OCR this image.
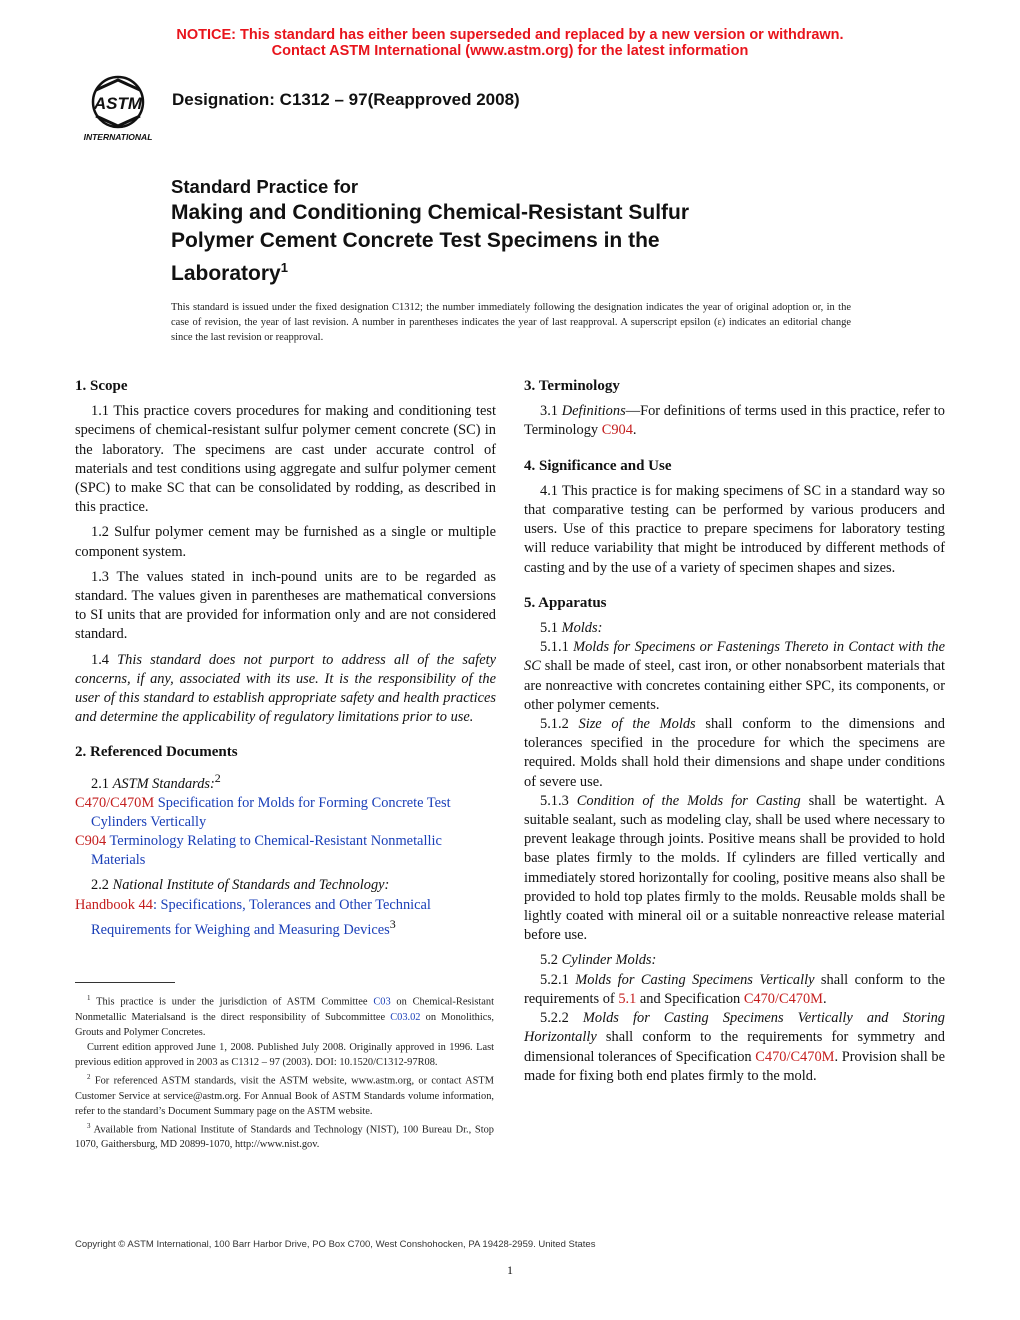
NOTICE: This standard has either been superseded and replaced by a new version or withdrawn.
Contact ASTM International (www.astm.org) for the latest information
ASTM
INTERNATIONAL
Designation: C1312 – 97(Reapproved 2008)
Standard Practice for
Making and Conditioning Chemical-Resistant Sulfur
Polymer Cement Concrete Test Specimens in the
Laboratory$^1$
This standard is issued under the fixed designation C1312; the number immediately following the designation indicates the year of original adoption or, in the case of revision, the year of last revision. A number in parentheses indicates the year of last reapproval. A superscript epsilon (ε) indicates an editorial change since the last revision or reapproval.
1. Scope

1.1 This practice covers procedures for making and conditioning test specimens of chemical-resistant sulfur polymer cement concrete (SC) in the laboratory. The specimens are cast under accurate control of materials and test conditions using aggregate and sulfur polymer cement (SPC) to make SC that can be consolidated by rodding, as described in this practice.

1.2 Sulfur polymer cement may be furnished as a single or multiple component system.

1.3 The values stated in inch-pound units are to be regarded as standard. The values given in parentheses are mathematical conversions to SI units that are provided for information only and are not considered standard.

1.4 This standard does not purport to address all of the safety concerns, if any, associated with its use. It is the responsibility of the user of this standard to establish appropriate safety and health practices and determine the applicability of regulatory limitations prior to use.

2. Referenced Documents

2.1 ASTM Standards:$^2$

C470/C470M Specification for Molds for Forming Concrete Test Cylinders Vertically

C904 Terminology Relating to Chemical-Resistant Nonmetallic Materials

2.2 National Institute of Standards and Technology:

Handbook 44: Specifications, Tolerances and Other Technical Requirements for Weighing and Measuring Devices$^3$

$^1$ This practice is under the jurisdiction of ASTM Committee C03 on Chemical-Resistant Nonmetallic Materialsand is the direct responsibility of Subcommittee C03.02 on Monolithics, Grouts and Polymer Concretes.

Current edition approved June 1, 2008. Published July 2008. Originally approved in 1996. Last previous edition approved in 2003 as C1312 – 97 (2003). DOI: 10.1520/C1312-97R08.

$^2$ For referenced ASTM standards, visit the ASTM website, www.astm.org, or contact ASTM Customer Service at service@astm.org. For Annual Book of ASTM Standards volume information, refer to the standard’s Document Summary page on the ASTM website.

$^3$ Available from National Institute of Standards and Technology (NIST), 100 Bureau Dr., Stop 1070, Gaithersburg, MD 20899-1070, http://www.nist.gov.

3. Terminology

3.1 Definitions—For definitions of terms used in this practice, refer to Terminology C904.

4. Significance and Use

4.1 This practice is for making specimens of SC in a standard way so that comparative testing can be performed by various producers and users. Use of this practice to prepare specimens for laboratory testing will reduce variability that might be introduced by different methods of casting and by the use of a variety of specimen shapes and sizes.

5. Apparatus

5.1 Molds:

5.1.1 Molds for Specimens or Fastenings Thereto in Contact with the SC shall be made of steel, cast iron, or other nonabsorbent materials that are nonreactive with concretes containing either SPC, its components, or other polymer cements.

5.1.2 Size of the Molds shall conform to the dimensions and tolerances specified in the procedure for which the specimens are required. Molds shall hold their dimensions and shape under conditions of severe use.

5.1.3 Condition of the Molds for Casting shall be watertight. A suitable sealant, such as modeling clay, shall be used where necessary to prevent leakage through joints. Positive means shall be provided to hold base plates firmly to the molds. If cylinders are filled vertically and immediately stored horizontally for cooling, positive means also shall be provided to hold top plates firmly to the molds. Reusable molds shall be lightly coated with mineral oil or a suitable nonreactive release material before use.

5.2 Cylinder Molds:

5.2.1 Molds for Casting Specimens Vertically shall conform to the requirements of 5.1 and Specification C470/C470M.

5.2.2 Molds for Casting Specimens Vertically and Storing Horizontally shall conform to the requirements for symmetry and dimensional tolerances of Specification C470/C470M. Provision shall be made for fixing both end plates firmly to the mold.

Copyright © ASTM International, 100 Barr Harbor Drive, PO Box C700, West Conshohocken, PA 19428-2959. United States
1
